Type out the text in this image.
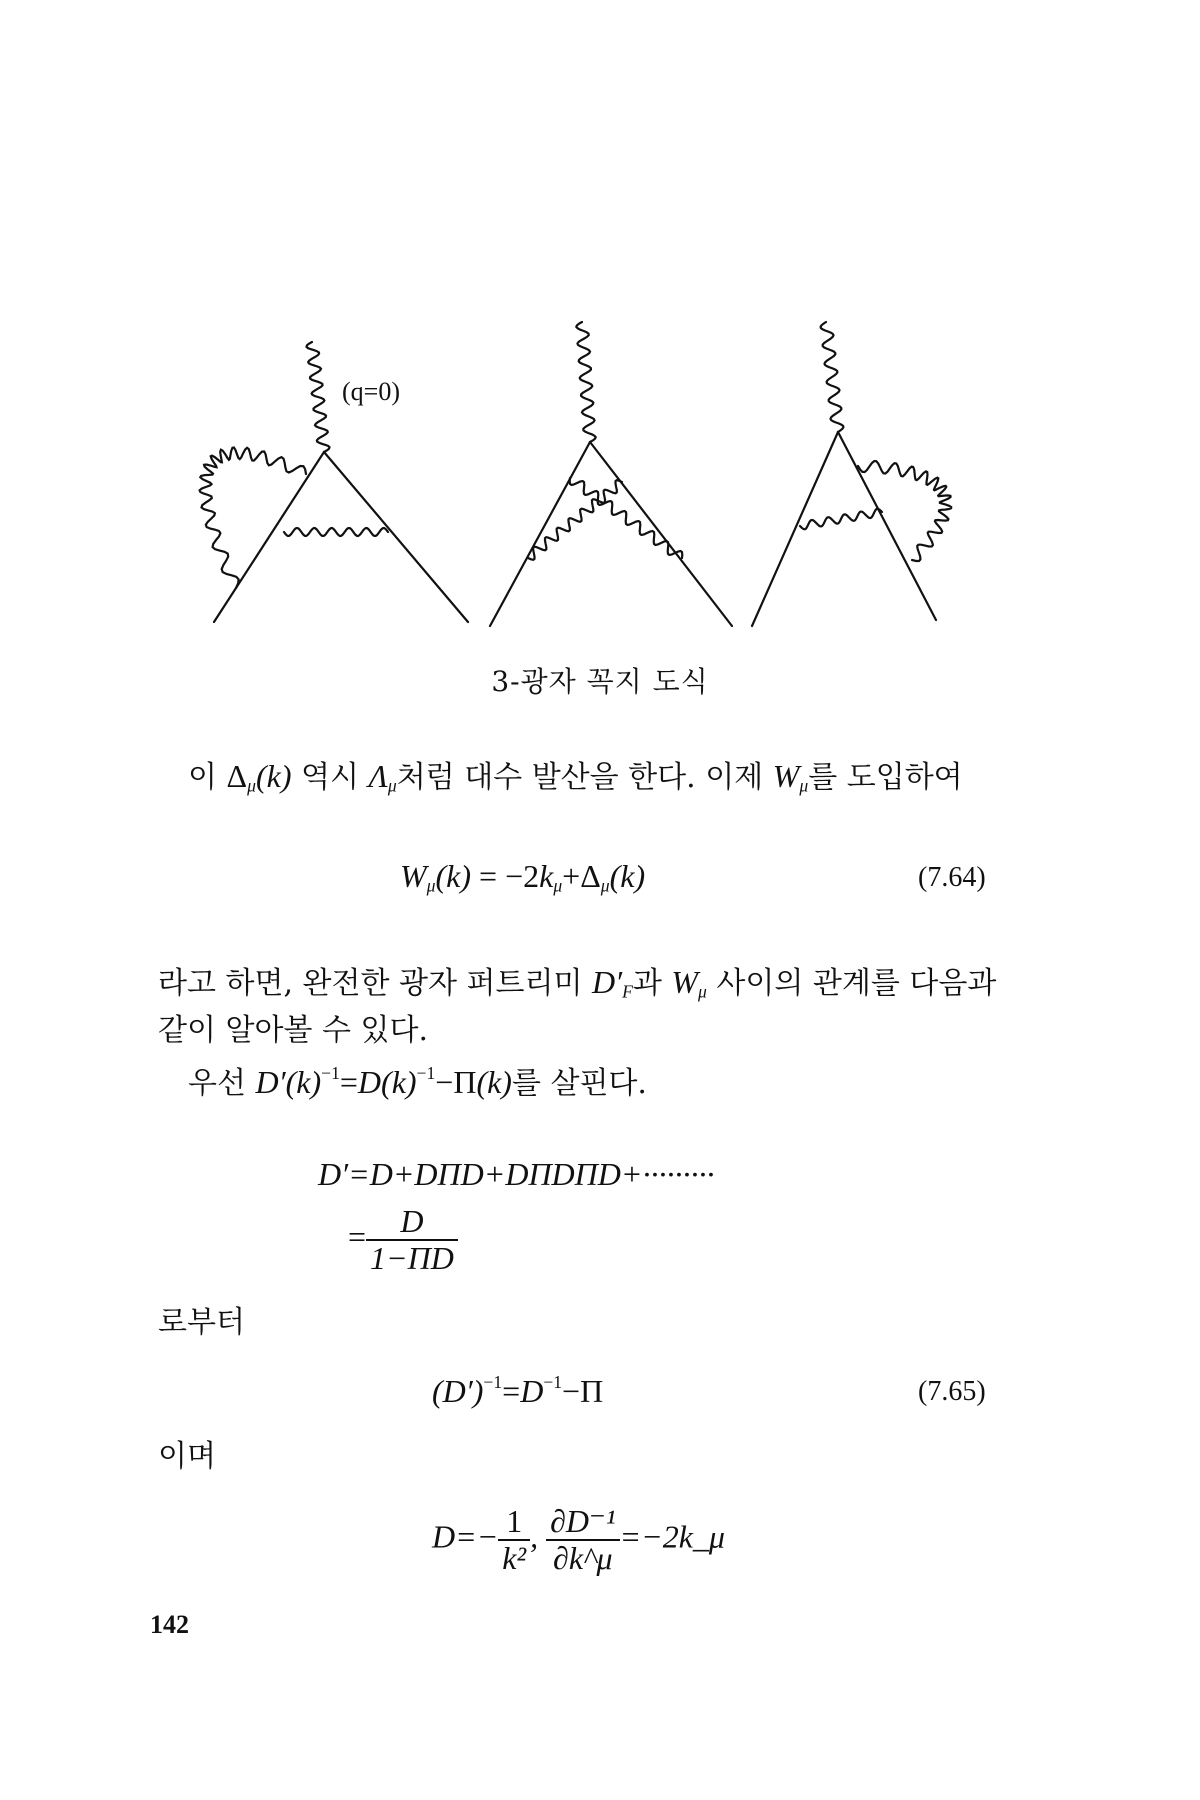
(q=0)
3-광자 꼭지 도식
이 $\Delta_\mu(k)$ 역시 $\Lambda_\mu$처럼 대수 발산을 한다. 이제 $W_\mu$를 도입하여
$W_\mu(k) = -2k_\mu+\Delta_\mu(k)$	(7.64)
라고 하면, 완전한 광자 퍼트리미 $D'_F$과 $W_\mu$ 사이의 관계를 다음과
같이 알아볼 수 있다.
우선 $D'(k)^{-1}=D(k)^{-1}-\Pi(k)$를 살핀다.
D′=D+DΠD+DΠDΠD+·········
= $\frac{D}{1-\Pi D}$
로부터
$(D')^{-1}=D^{-1}-\Pi$	(7.65)
이며
$D=- \frac{1}{\text{k²}}$ , $\frac{\text{∂D⁻¹}}{\partial k\^{}\mu}$ =−2k_μ
142
